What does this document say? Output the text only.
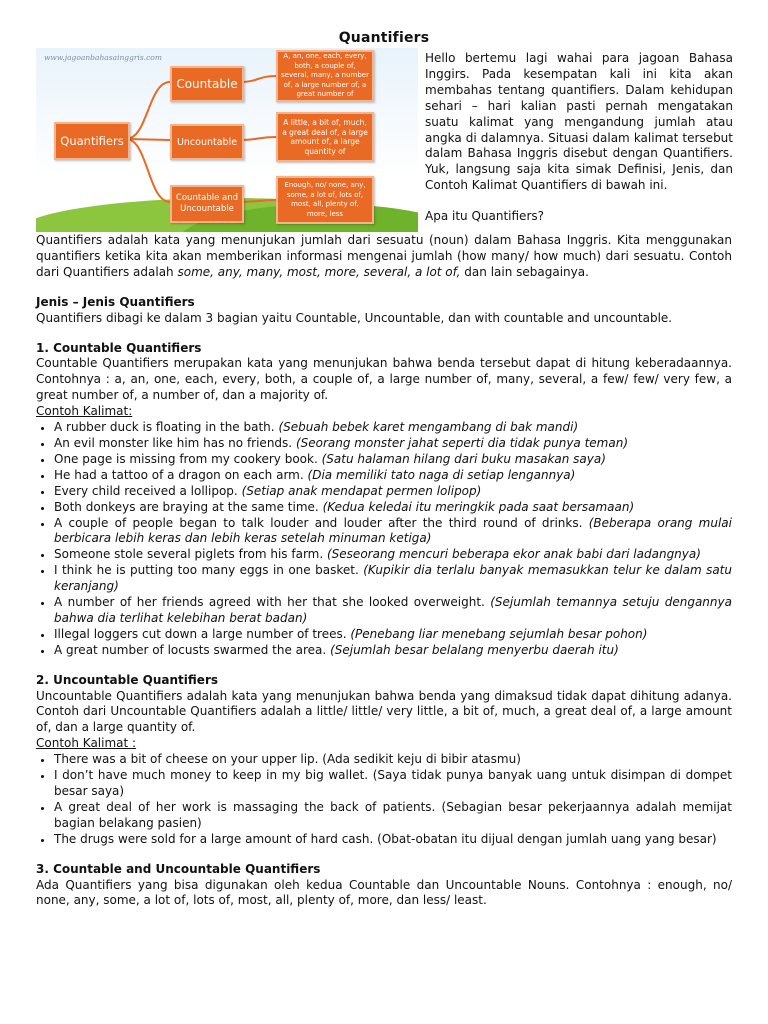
Quantifiers
www.jagoanbahasainggris.com
Quantifiers
Countable
Uncountable
Countable and Uncountable
A, an, one, each, every, both, a couple of, several, many, a number of, a large number of, a great number of
A little, a bit of, much, a great deal of, a large amount of, a large quantity of
Enough, no/ none, any, some, a lot of, lots of, most, all, plenty of, more, less

Hello bertemu lagi wahai para jagoan Bahasa Inggirs. Pada kesempatan kali ini kita akan membahas tentang quantifiers. Dalam kehidupan sehari – hari kalian pasti pernah mengatakan suatu kalimat yang mengandung jumlah atau angka di dalamnya. Situasi dalam kalimat tersebut dalam Bahasa Inggris disebut dengan Quantifiers. Yuk, langsung saja kita simak Definisi, Jenis, dan Contoh Kalimat Quantifiers di bawah ini.

Apa itu Quantifiers?

Quantifiers adalah kata yang menunjukan jumlah dari sesuatu (noun) dalam Bahasa Inggris. Kita menggunakan quantifiers ketika kita akan memberikan informasi mengenai jumlah (how many/ how much) dari sesuatu. Contoh dari Quantifiers adalah some, any, many, most, more, several, a lot of, dan lain sebagainya.

Jenis – Jenis Quantifiers

Quantifiers dibagi ke dalam 3 bagian yaitu Countable, Uncountable, dan with countable and uncountable.

1. Countable Quantifiers

Countable Quantifiers merupakan kata yang menunjukan bahwa benda tersebut dapat di hitung keberadaannya. Contohnya : a, an, one, each, every, both, a couple of, a large number of, many, several, a few/ few/ very few, a great number of, a number of, dan a majority of.

Contoh Kalimat:

• A rubber duck is floating in the bath. (Sebuah bebek karet mengambang di bak mandi)
• An evil monster like him has no friends. (Seorang monster jahat seperti dia tidak punya teman)
• One page is missing from my cookery book. (Satu halaman hilang dari buku masakan saya)
• He had a tattoo of a dragon on each arm. (Dia memiliki tato naga di setiap lengannya)
• Every child received a lollipop. (Setiap anak mendapat permen lolipop)
• Both donkeys are braying at the same time. (Kedua keledai itu meringkik pada saat bersamaan)
• A couple of people began to talk louder and louder after the third round of drinks. (Beberapa orang mulai berbicara lebih keras dan lebih keras setelah minuman ketiga)
• Someone stole several piglets from his farm. (Seseorang mencuri beberapa ekor anak babi dari ladangnya)
• I think he is putting too many eggs in one basket. (Kupikir dia terlalu banyak memasukkan telur ke dalam satu keranjang)
• A number of her friends agreed with her that she looked overweight. (Sejumlah temannya setuju dengannya bahwa dia terlihat kelebihan berat badan)
• Illegal loggers cut down a large number of trees. (Penebang liar menebang sejumlah besar pohon)
• A great number of locusts swarmed the area. (Sejumlah besar belalang menyerbu daerah itu)

2. Uncountable Quantifiers

Uncountable Quantifiers adalah kata yang menunjukan bahwa benda yang dimaksud tidak dapat dihitung adanya. Contoh dari Uncountable Quantifiers adalah a little/ little/ very little, a bit of, much, a great deal of, a large amount of, dan a large quantity of.

Contoh Kalimat :

• There was a bit of cheese on your upper lip. (Ada sedikit keju di bibir atasmu)
• I don’t have much money to keep in my big wallet. (Saya tidak punya banyak uang untuk disimpan di dompet besar saya)
• A great deal of her work is massaging the back of patients. (Sebagian besar pekerjaannya adalah memijat bagian belakang pasien)
• The drugs were sold for a large amount of hard cash. (Obat-obatan itu dijual dengan jumlah uang yang besar)

3. Countable and Uncountable Quantifiers

Ada Quantifiers yang bisa digunakan oleh kedua Countable dan Uncountable Nouns. Contohnya : enough, no/ none, any, some, a lot of, lots of, most, all, plenty of, more, dan less/ least.
